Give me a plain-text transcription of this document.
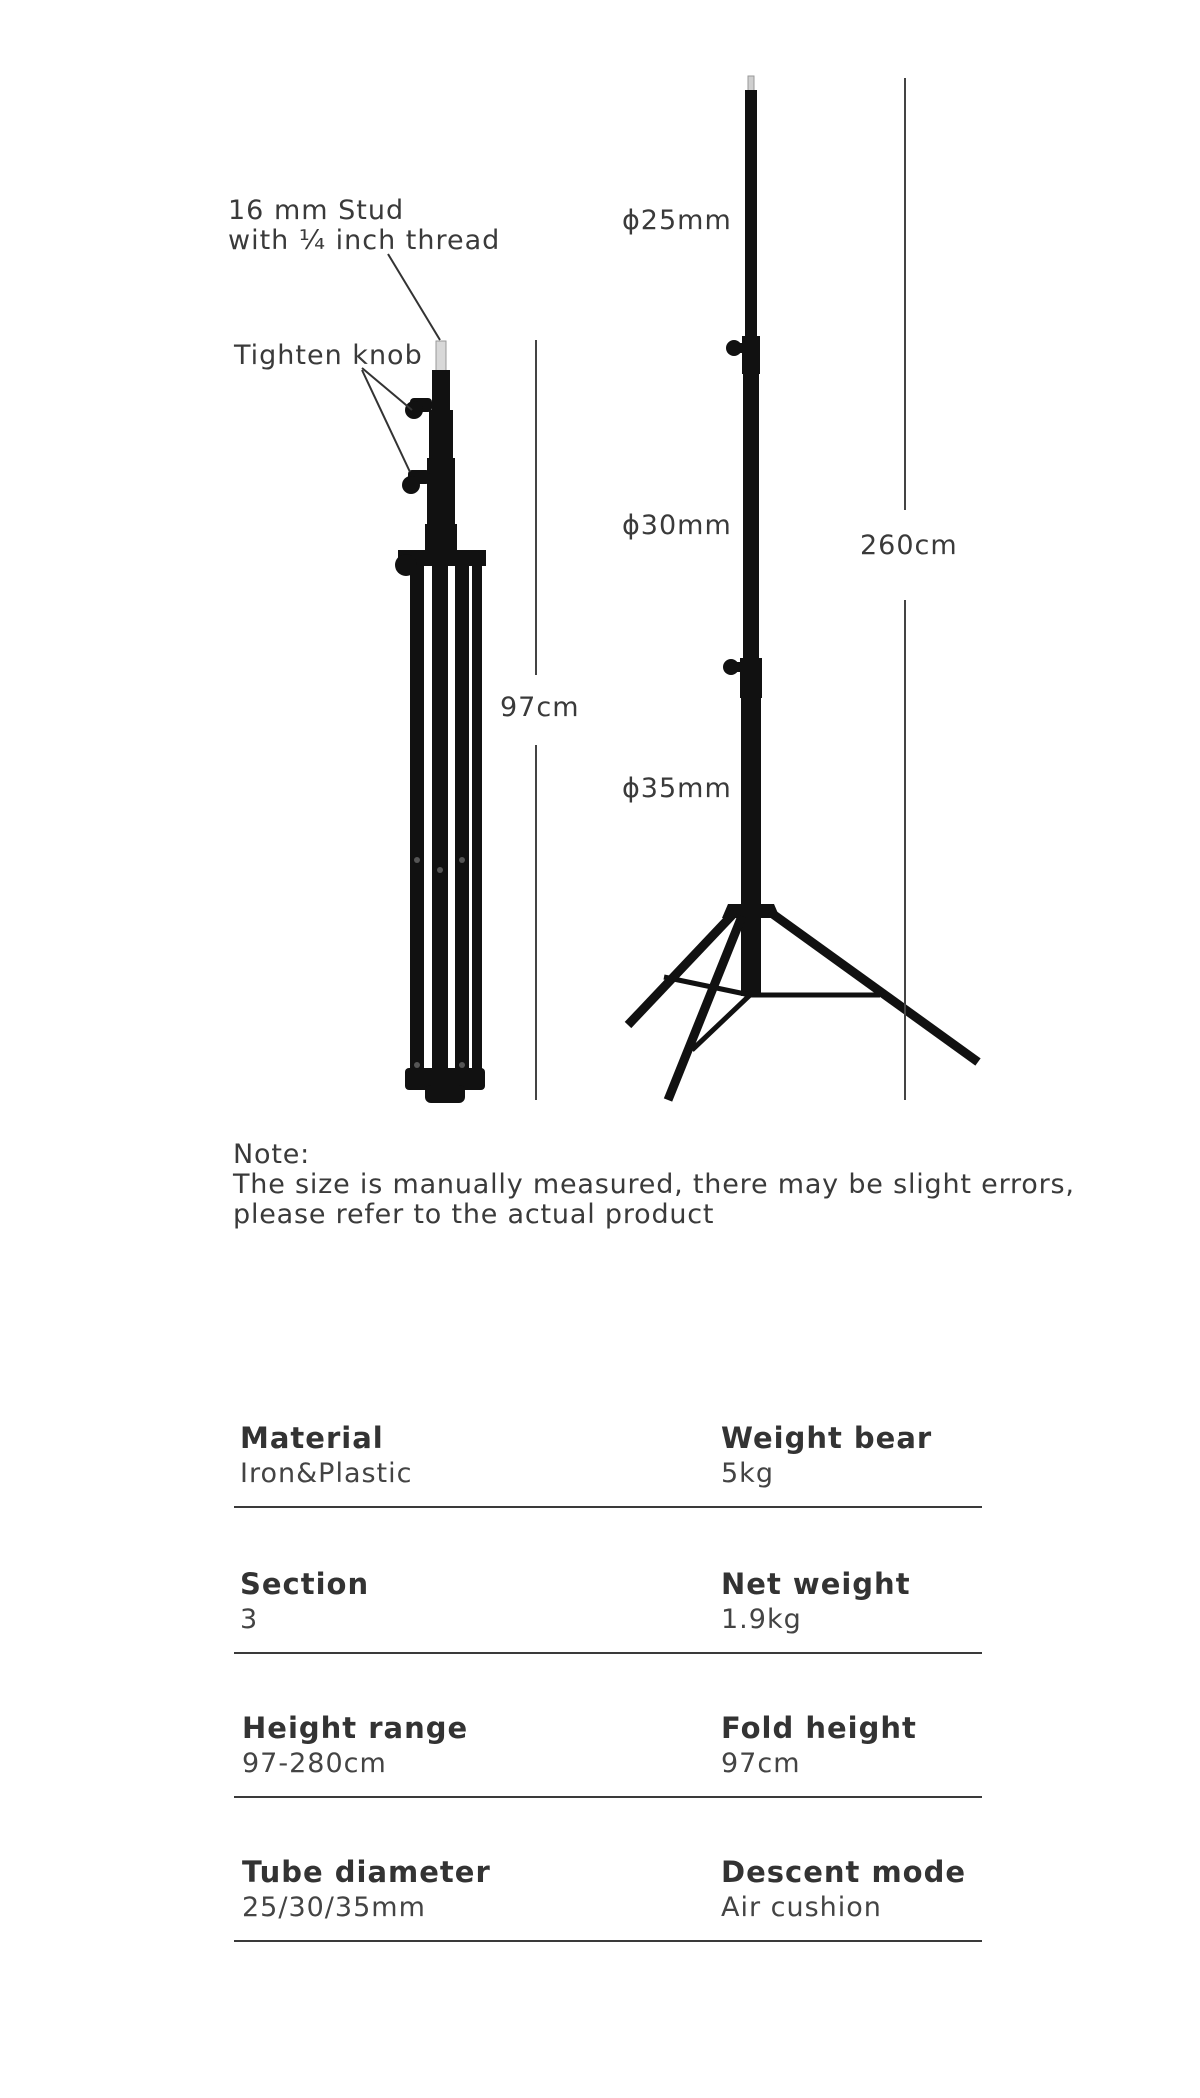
16 mm Stud
with ¼ inch thread
Tighten knob
97cm
ϕ25mm
ϕ30mm
ϕ35mm
260cm
Note:
The size is manually measured, there may be slight errors,
please refer to the actual product
Material
Iron&Plastic
Weight bear
5kg
Section
3
Net weight
1.9kg
Height range
97-280cm
Fold height
97cm
Tube diameter
25/30/35mm
Descent mode
Air cushion
